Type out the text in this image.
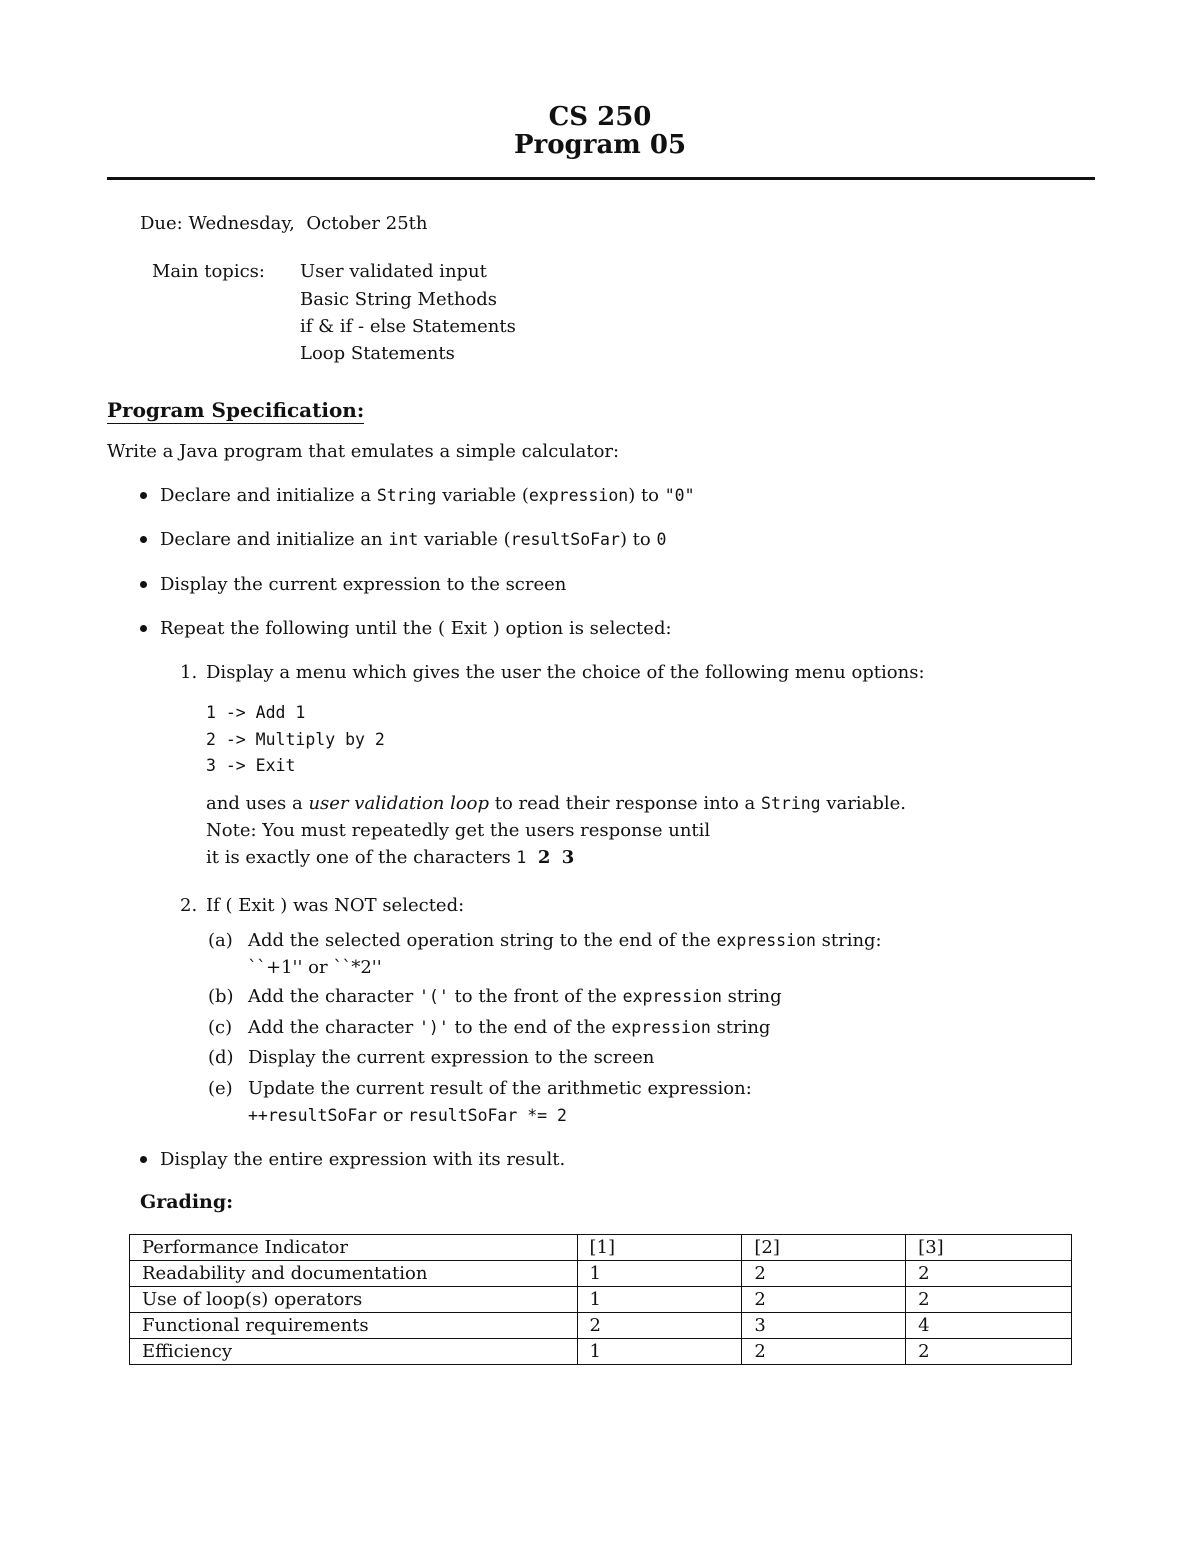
CS 250
Program 05
Due: Wednesday,  October 25th
Main topics: User validated input
Basic String Methods
if & if - else Statements
Loop Statements
Program Specification:
Write a Java program that emulates a simple calculator:
Declare and initialize a String variable (expression) to "0"
Declare and initialize an int variable (resultSoFar) to 0
Display the current expression to the screen
Repeat the following until the ( Exit ) option is selected:
1. Display a menu which gives the user the choice of the following menu options:
1 -> Add 1
2 -> Multiply by 2
3 -> Exit
and uses a user validation loop to read their response into a String variable.
Note: You must repeatedly get the users response until
it is exactly one of the characters 1 2 3
2. If ( Exit ) was NOT selected:
(a) Add the selected operation string to the end of the expression string:
``+1'' or ``*2''
(b) Add the character '(' to the front of the expression string
(c) Add the character ')' to the end of the expression string
(d) Display the current expression to the screen
(e) Update the current result of the arithmetic expression:
++resultSoFar or resultSoFar *= 2
Display the entire expression with its result.
Grading:
Performance Indicator	[1]	[2]	[3]
Readability and documentation	1	2	2
Use of loop(s) operators	1	2	2
Functional requirements	2	3	4
Efficiency	1	2	2
